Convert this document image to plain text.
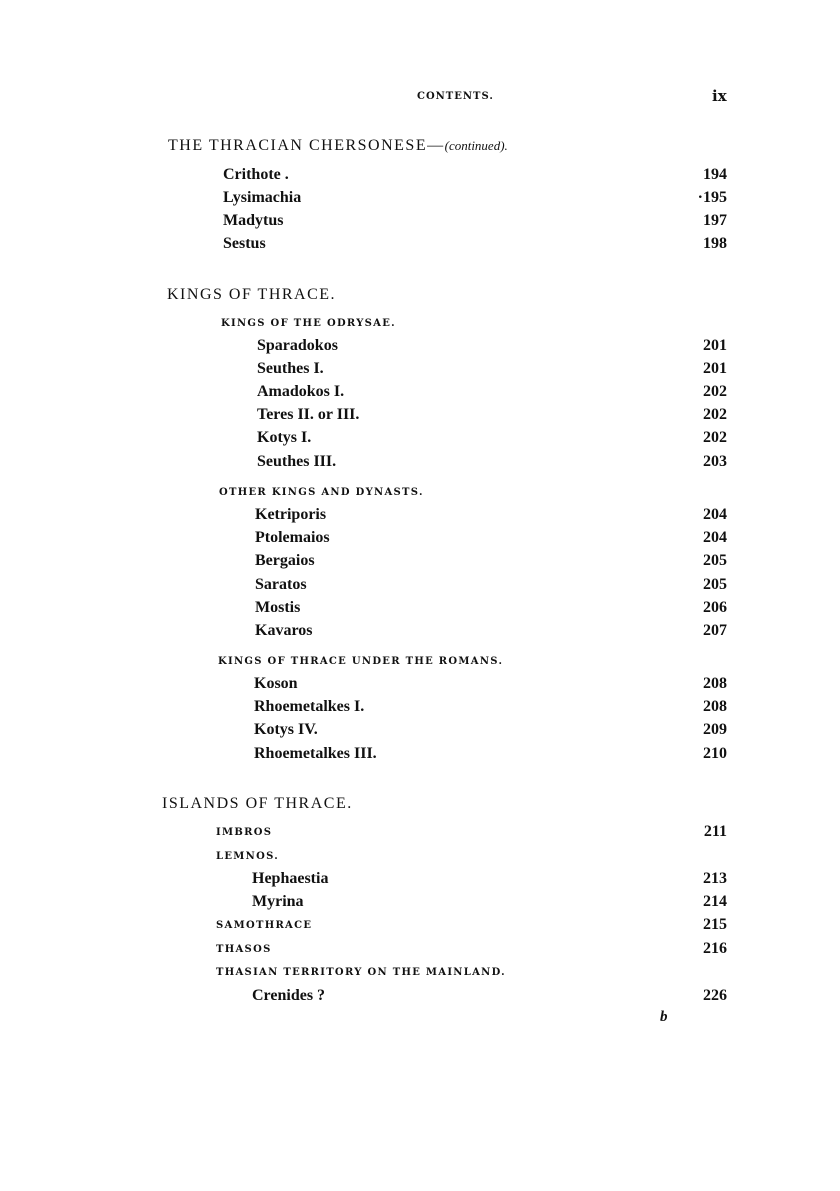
CONTENTS.	ix
THE THRACIAN CHERSONESE—(continued).
Crithote .	194
Lysimachia	·195
Madytus	197
Sestus	198
KINGS OF THRACE.
KINGS OF THE ODRYSAE.
Sparadokos	201
Seuthes I.	201
Amadokos I.	202
Teres II. or III.	202
Kotys I.	202
Seuthes III.	203
OTHER KINGS AND DYNASTS.
Ketriporis	204
Ptolemaios	204
Bergaios	205
Saratos	205
Mostis	206
Kavaros	207
KINGS OF THRACE UNDER THE ROMANS.
Koson	208
Rhoemetalkes I.	208
Kotys IV.	209
Rhoemetalkes III.	210
ISLANDS OF THRACE.
IMBROS	211
LEMNOS.
Hephaestia	213
Myrina	214
SAMOTHRACE	215
THASOS	216
THASIAN TERRITORY ON THE MAINLAND.
Crenides ?	226
b
